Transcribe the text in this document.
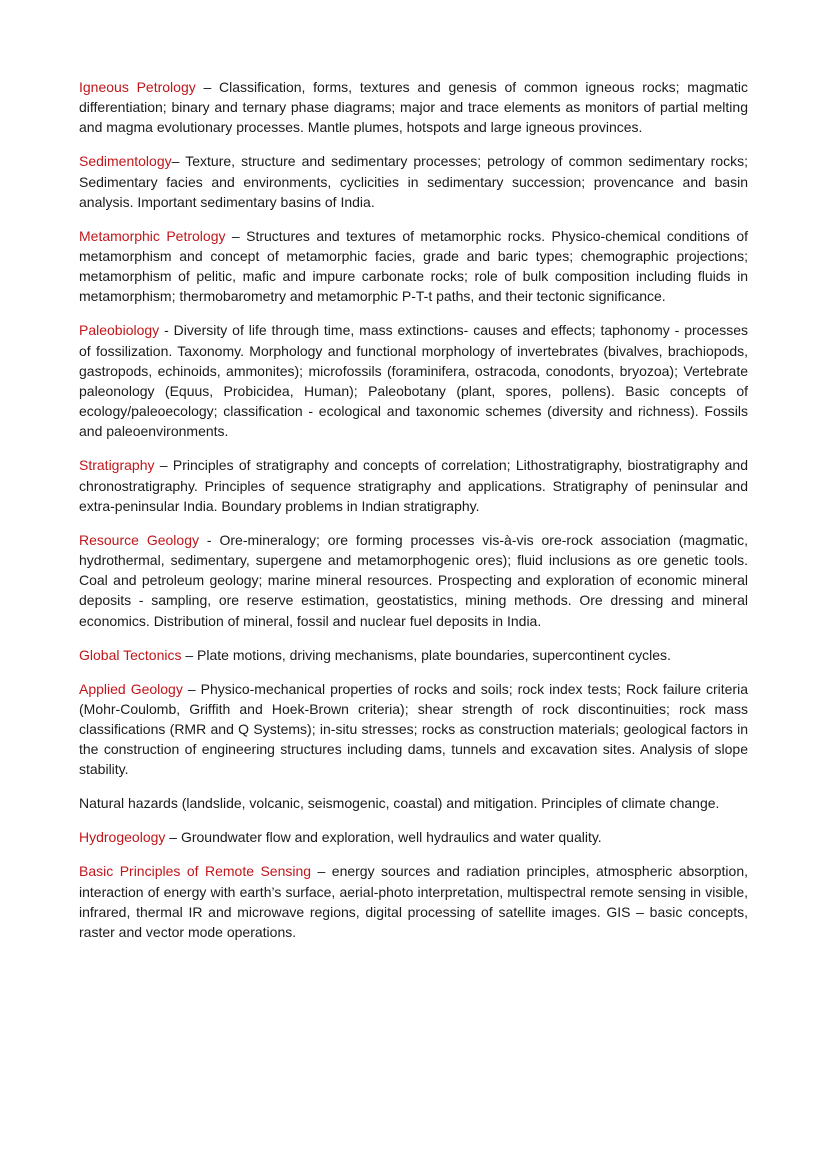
Igneous Petrology – Classification, forms, textures and genesis of common igneous rocks; magmatic differentiation; binary and ternary phase diagrams; major and trace elements as monitors of partial melting and magma evolutionary processes. Mantle plumes, hotspots and large igneous provinces.

Sedimentology– Texture, structure and sedimentary processes; petrology of common sedimentary rocks; Sedimentary facies and environments, cyclicities in sedimentary succession; provencance and basin analysis. Important sedimentary basins of India.

Metamorphic Petrology – Structures and textures of metamorphic rocks. Physico-chemical conditions of metamorphism and concept of metamorphic facies, grade and baric types; chemographic projections; metamorphism of pelitic, mafic and impure carbonate rocks; role of bulk composition including fluids in metamorphism; thermobarometry and metamorphic P-T-t paths, and their tectonic significance.

Paleobiology - Diversity of life through time, mass extinctions- causes and effects; taphonomy - processes of fossilization. Taxonomy. Morphology and functional morphology of invertebrates (bivalves, brachiopods, gastropods, echinoids, ammonites); microfossils (foraminifera, ostracoda, conodonts, bryozoa); Vertebrate paleonology (Equus, Probicidea, Human); Paleobotany (plant, spores, pollens). Basic concepts of ecology/paleoecology; classification - ecological and taxonomic schemes (diversity and richness). Fossils and paleoenvironments.

Stratigraphy – Principles of stratigraphy and concepts of correlation; Lithostratigraphy, biostratigraphy and chronostratigraphy. Principles of sequence stratigraphy and applications. Stratigraphy of peninsular and extra-peninsular India. Boundary problems in Indian stratigraphy.

Resource Geology - Ore-mineralogy; ore forming processes vis-à-vis ore-rock association (magmatic, hydrothermal, sedimentary, supergene and metamorphogenic ores); fluid inclusions as ore genetic tools. Coal and petroleum geology; marine mineral resources. Prospecting and exploration of economic mineral deposits - sampling, ore reserve estimation, geostatistics, mining methods. Ore dressing and mineral economics. Distribution of mineral, fossil and nuclear fuel deposits in India.

Global Tectonics – Plate motions, driving mechanisms, plate boundaries, supercontinent cycles.

Applied Geology – Physico-mechanical properties of rocks and soils; rock index tests; Rock failure criteria (Mohr-Coulomb, Griffith and Hoek-Brown criteria); shear strength of rock discontinuities; rock mass classifications (RMR and Q Systems); in-situ stresses; rocks as construction materials; geological factors in the construction of engineering structures including dams, tunnels and excavation sites. Analysis of slope stability.

Natural hazards (landslide, volcanic, seismogenic, coastal) and mitigation. Principles of climate change.

Hydrogeology – Groundwater flow and exploration, well hydraulics and water quality.

Basic Principles of Remote Sensing – energy sources and radiation principles, atmospheric absorption, interaction of energy with earth’s surface, aerial-photo interpretation, multispectral remote sensing in visible, infrared, thermal IR and microwave regions, digital processing of satellite images. GIS – basic concepts, raster and vector mode operations.
